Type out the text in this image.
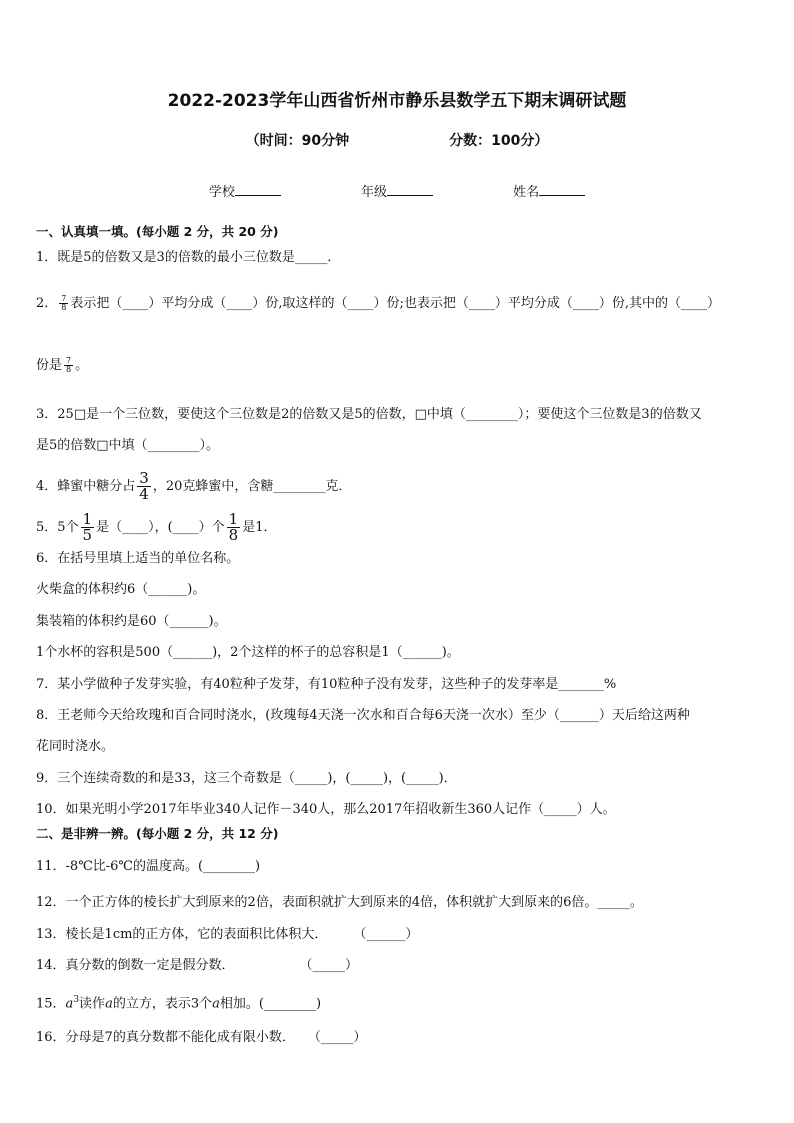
2022-2023学年山西省忻州市静乐县数学五下期末调研试题
（时间：90分钟	分数：100分）
学校	年级	姓名
一、认真填一填。(每小题 2 分，共 20 分)
1．既是5的倍数又是3的倍数的最小三位数是_____．
2． $\frac{7}{8}$ 表示把（____）平均分成（____）份,取这样的（____）份;也表示把（____）平均分成（____）份,其中的（____）
份是 $\frac{7}{8}$ 。
3．25□是一个三位数，要使这个三位数是2的倍数又是5的倍数，□中填（________）；要使这个三位数是3的倍数又
是5的倍数□中填（________）。
4．蜂蜜中糖分占 $\frac{3}{4}$ ，20克蜂蜜中，含糖________克．
5．5个 $\frac{1}{5}$ 是（____），(____）个 $\frac{1}{8}$ 是1．
6．在括号里填上适当的单位名称。
火柴盒的体积约6（______)。
集装箱的体积约是60（______)。
1个水杯的容积是500（______)，2个这样的杯子的总容积是1（______)。
7．某小学做种子发芽实验，有40粒种子发芽，有10粒种子没有发芽，这些种子的发芽率是_______%
8．王老师今天给玫瑰和百合同时浇水，(玫瑰每4天浇一次水和百合每6天浇一次水）至少（______）天后给这两种
花同时浇水。
9．三个连续奇数的和是33，这三个奇数是（_____)，(_____)，(_____)．
10．如果光明小学2017年毕业340人记作－340人，那么2017年招收新生360人记作（_____）人。
二、是非辨一辨。(每小题 2 分，共 12 分)
11．-8℃比-6℃的温度高。(________)
12．一个正方体的棱长扩大到原来的2倍，表面积就扩大到原来的4倍，体积就扩大到原来的6倍。_____。
13．棱长是1cm的正方体，它的表面积比体积大．　　　（______）
14．真分数的倒数一定是假分数．　　　　　　（_____）
15．$a^3$读作a的立方，表示3个a相加。(________)
16．分母是7的真分数都不能化成有限小数．　　（_____）
